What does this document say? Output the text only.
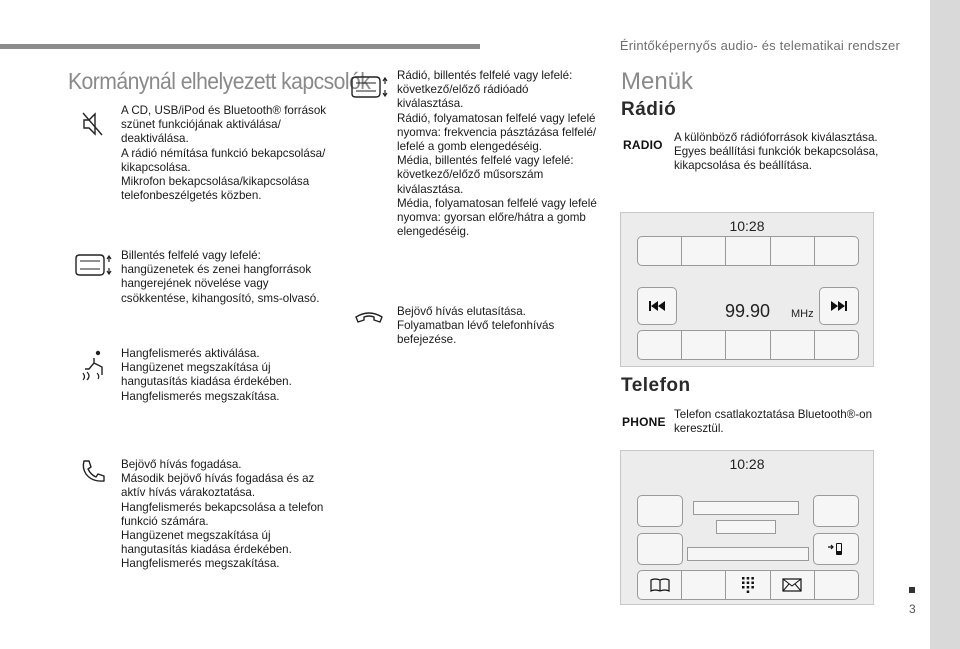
Érintőképernyős audio- és telematikai rendszer
Kormánynál elhelyezett kapcsolók
A CD, USB/iPod és Bluetooth® források
szünet funkciójának aktiválása/
deaktiválása.
A rádió némítása funkció bekapcsolása/
kikapcsolása.
Mikrofon bekapcsolása/kikapcsolása
telefonbeszélgetés közben.
Billentés felfelé vagy lefelé:
hangüzenetek és zenei hangforrások
hangerejének növelése vagy
csökkentése, kihangosító, sms-olvasó.
Hangfelismerés aktiválása.
Hangüzenet megszakítása új
hangutasítás kiadása érdekében.
Hangfelismerés megszakítása.
Bejövő hívás fogadása.
Második bejövő hívás fogadása és az
aktív hívás várakoztatása.
Hangfelismerés bekapcsolása a telefon
funkció számára.
Hangüzenet megszakítása új
hangutasítás kiadása érdekében.
Hangfelismerés megszakítása.
Rádió, billentés felfelé vagy lefelé:
következő/előző rádióadó kiválasztása.
Rádió, folyamatosan felfelé vagy lefelé
nyomva: frekvencia pásztázása felfelé/
lefelé a gomb elengedéséig.
Média, billentés felfelé vagy lefelé:
következő/előző műsorszám
kiválasztása.
Média, folyamatosan felfelé vagy lefelé
nyomva: gyorsan előre/hátra a gomb
elengedéséig.
Bejövő hívás elutasítása.
Folyamatban lévő telefonhívás
befejezése.
Menük
Rádió
RADIO
A különböző rádióforrások kiválasztása.
Egyes beállítási funkciók bekapcsolása,
kikapcsolása és beállítása.
10:28
99.90 MHz
Telefon
PHONE
Telefon csatlakoztatása Bluetooth®-on
keresztül.
10:28
3
